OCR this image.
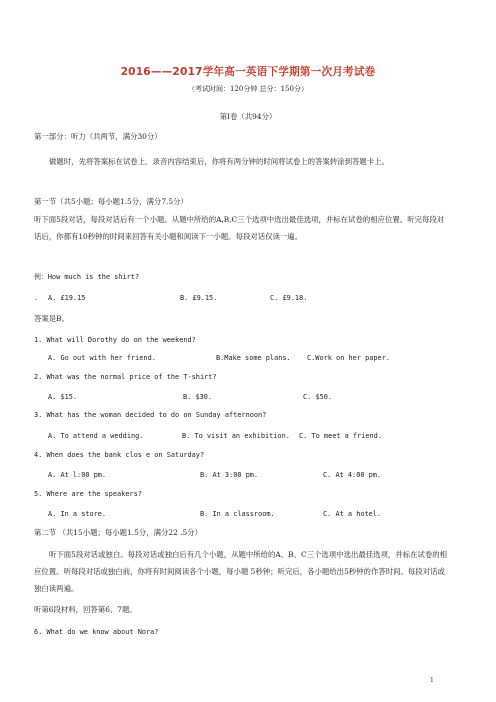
2016——2017学年高一英语下学期第一次月考试卷
（考试时间：120分钟 总分：150分）
第Ⅰ卷（共94分）
第一部分：听力（共两节，满分30分）
做题时，先将答案标在试卷上．录音内容结束后，你将有两分钟的时间将试卷上的答案转涂到答题卡上。
第一节（共5小题；每小题1.5分，满分7.5分）
听下面5段对话，每段对话后有一个小题。从题中所给的A,B,C三个选项中选出最佳选项，并标在试卷的相应位置。听完每段对话后，你都有10秒钟的时间来回答有关小题和阅读下一小题。每段对话仅读一遍。
例：How much is the shirt?
. A. £19.15	B. £9.15.	C. £9.18.
答案是B。
1. What will Dorothy do on the weekend?
A. Go out with her friend.	B.Make some plans. C.Work on her paper.
2. What was the normal price of the T-shirt?
A. $15.	B. $30.	C. $50.
3. What has the woman decided to do on Sunday afternoon?
A. To attend a wedding.	B. To visit an exhibition. C. To meet a friend.
4. When does the bank clos e on Saturday?
A. At l:00 pm.	B. At 3:00 pm.	C. At 4:00 pm.
5. Where are the speakers?
A. In a store.	B. In a classroom.	C. At a hotel.
第二节 （共15小题；每小题1.5分，满分22 .5分）
听下面5段对话或独白。每段对话或独白后有几个小题，从题中所给的A、B、C三个选项中选出最佳选项，并标在试卷的相应位置。听每段对话或独白前，你将有时间阅读各个小题，每小题 5秒钟；听完后，各小题给出5秒钟的作答时间。每段对话或独白读两遍。
听第6段材料，回答第6、7题。
6. What do we know about Nora?
1
